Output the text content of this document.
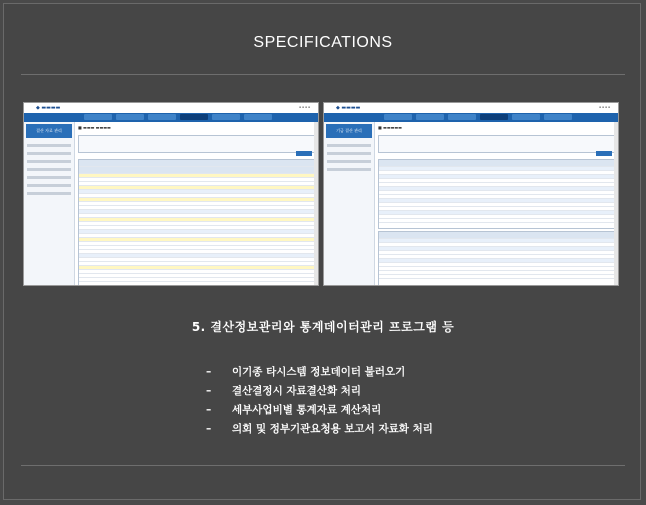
SPECIFICATIONS
◆ ▬▬▬▬	▪ ▪ ▪ ▪
결산 자료 관리
■ ▬▬▬ ▬▬▬▬
◆ ▬▬▬▬	▪ ▪ ▪ ▪
기금 결산 관리
■ ▬▬▬▬▬
5. 결산정보관리와 통계데이터관리 프로그램 등
– 이기종 타시스템 정보데이터 불러오기
– 결산결정시 자료결산화 처리
– 세부사업비별 통계자료 계산처리
– 의회 및 정부기관요청용 보고서 자료화 처리
